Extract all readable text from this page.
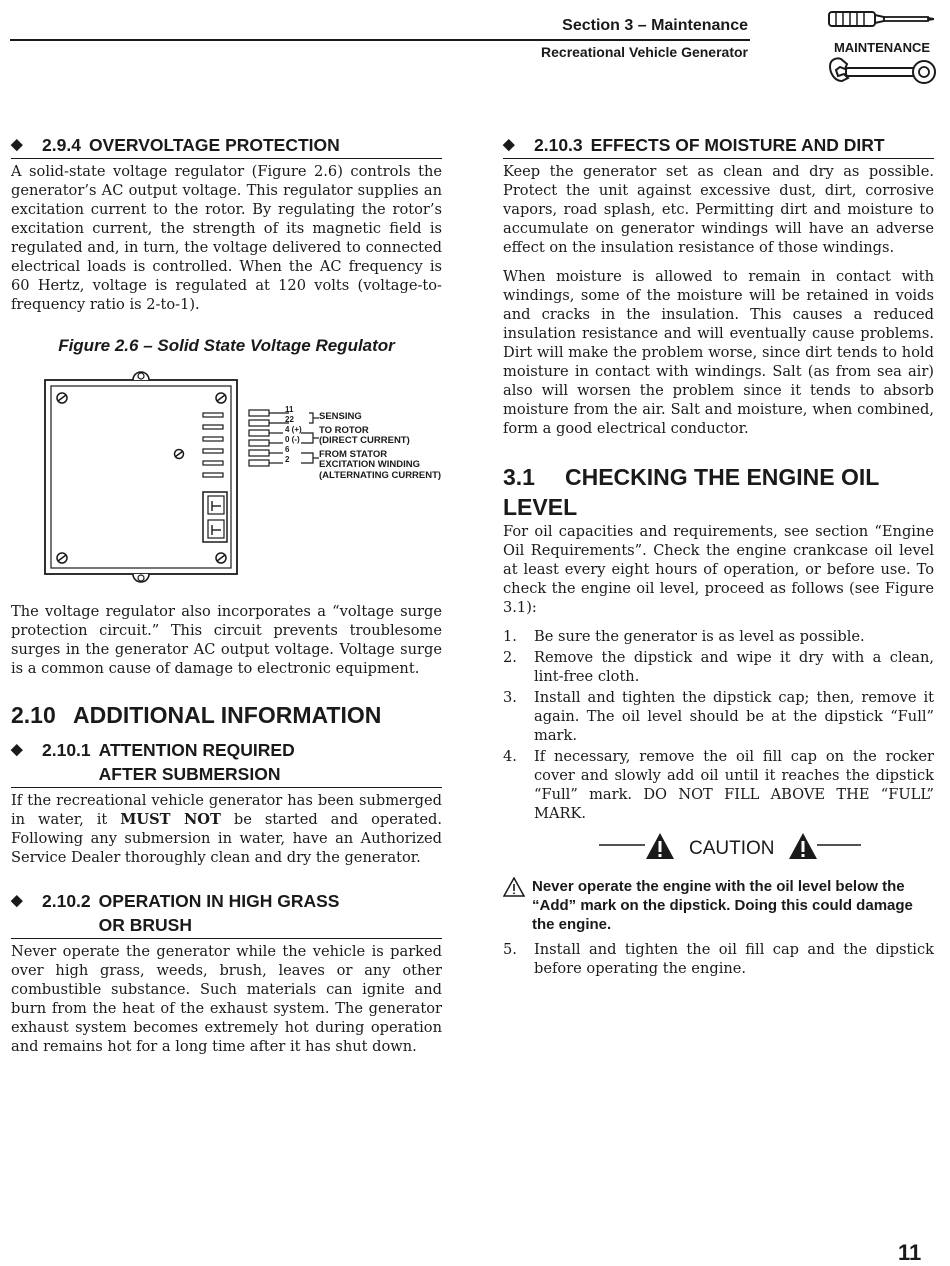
Section 3 – Maintenance
Recreational Vehicle Generator	MAINTENANCE
◆	2.9.4 OVERVOLTAGE PROTECTION

A solid-state voltage regulator (Figure 2.6) controls the generator’s AC output voltage. This regulator supplies an excitation current to the rotor. By regulating the rotor’s excitation current, the strength of its magnetic field is regulated and, in turn, the voltage delivered to connected electrical loads is controlled. When the AC frequency is 60 Hertz, voltage is regulated at 120 volts (voltage-to-frequency ratio is 2-to-1).

Figure 2.6 – Solid State Voltage Regulator
11
22
4 (+)
0 (-)
6
2
SENSING
TO ROTOR
(DIRECT CURRENT)
FROM STATOR
EXCITATION WINDING
(ALTERNATING CURRENT)

The voltage regulator also incorporates a “voltage surge protection circuit.” This circuit prevents troublesome surges in the generator AC output voltage. Voltage surge is a common cause of damage to electronic equipment.

2.10 ADDITIONAL INFORMATION
◆	2.10.1 ATTENTION REQUIRED
AFTER SUBMERSION

If the recreational vehicle generator has been submerged in water, it MUST NOT be started and operated. Following any submersion in water, have an Authorized Service Dealer thoroughly clean and dry the generator.

◆	2.10.2 OPERATION IN HIGH GRASS
OR BRUSH

Never operate the generator while the vehicle is parked over high grass, weeds, brush, leaves or any other combustible substance. Such materials can ignite and burn from the heat of the exhaust system. The generator exhaust system becomes extremely hot during operation and remains hot for a long time after it has shut down.

◆	2.10.3 EFFECTS OF MOISTURE AND DIRT

Keep the generator set as clean and dry as possible. Protect the unit against excessive dust, dirt, corrosive vapors, road splash, etc. Permitting dirt and moisture to accumulate on generator windings will have an adverse effect on the insulation resistance of those windings.

When moisture is allowed to remain in contact with windings, some of the moisture will be retained in voids and cracks in the insulation. This causes a reduced insulation resistance and will eventually cause problems. Dirt will make the problem worse, since dirt tends to hold moisture in contact with windings. Salt (as from sea air) also will worsen the problem since it tends to absorb moisture from the air. Salt and moisture, when combined, form a good electrical conductor.

3.1 CHECKING THE ENGINE OIL LEVEL

For oil capacities and requirements, see section “Engine Oil Requirements”. Check the engine crankcase oil level at least every eight hours of operation, or before use. To check the engine oil level, proceed as follows (see Figure 3.1):

1.	Be sure the generator is as level as possible.
2.	Remove the dipstick and wipe it dry with a clean, lint-free cloth.
3.	Install and tighten the dipstick cap; then, remove it again. The oil level should be at the dipstick “Full” mark.
4.	If necessary, remove the oil fill cap on the rocker cover and slowly add oil until it reaches the dipstick “Full” mark. DO NOT FILL ABOVE THE “FULL” MARK.
CAUTION
Never operate the engine with the oil level below the “Add” mark on the dipstick. Doing this could damage the engine.
5.	Install and tighten the oil fill cap and the dipstick before operating the engine.
11
